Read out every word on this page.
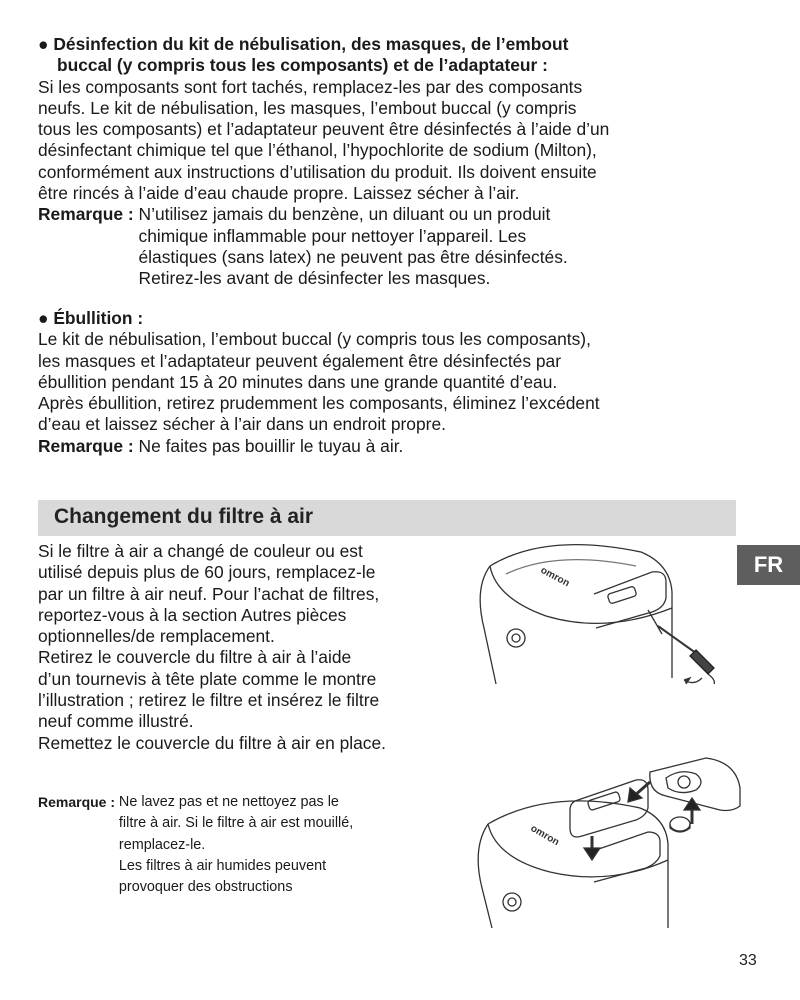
● Désinfection du kit de nébulisation, des masques, de l’embout
buccal (y compris tous les composants) et de l’adaptateur :
Si les composants sont fort tachés, remplacez-les par des composants
neufs. Le kit de nébulisation, les masques, l’embout buccal (y compris
tous les composants) et l’adaptateur peuvent être désinfectés à l’aide d’un
désinfectant chimique tel que l’éthanol, l’hypochlorite de sodium (Milton),
conformément aux instructions d’utilisation du produit. Ils doivent ensuite
être rincés à l’aide d’eau chaude propre. Laissez sécher à l’air.
Remarque : N’utilisez jamais du benzène, un diluant ou un produit
chimique inflammable pour nettoyer l’appareil. Les
élastiques (sans latex) ne peuvent pas être désinfectés.
Retirez-les avant de désinfecter les masques.
● Ébullition :
Le kit de nébulisation, l’embout buccal (y compris tous les composants),
les masques et l’adaptateur peuvent également être désinfectés par
ébullition pendant 15 à 20 minutes dans une grande quantité d’eau.
Après ébullition, retirez prudemment les composants, éliminez l’excédent
d’eau et laissez sécher à l’air dans un endroit propre.
Remarque : Ne faites pas bouillir le tuyau à air.
Changement du filtre à air
FR
Si le filtre à air a changé de couleur ou est
utilisé depuis plus de 60 jours, remplacez-le
par un filtre à air neuf. Pour l’achat de filtres,
reportez-vous à la section Autres pièces
optionnelles/de remplacement.
Retirez le couvercle du filtre à air à l’aide
d’un tournevis à tête plate comme le montre
l’illustration ; retirez le filtre et insérez le filtre
neuf comme illustré.
Remettez le couvercle du filtre à air en place.
Remarque : Ne lavez pas et ne nettoyez pas le
filtre à air. Si le filtre à air est mouillé,
remplacez-le.
Les filtres à air humides peuvent
provoquer des obstructions
omron
omron
33
